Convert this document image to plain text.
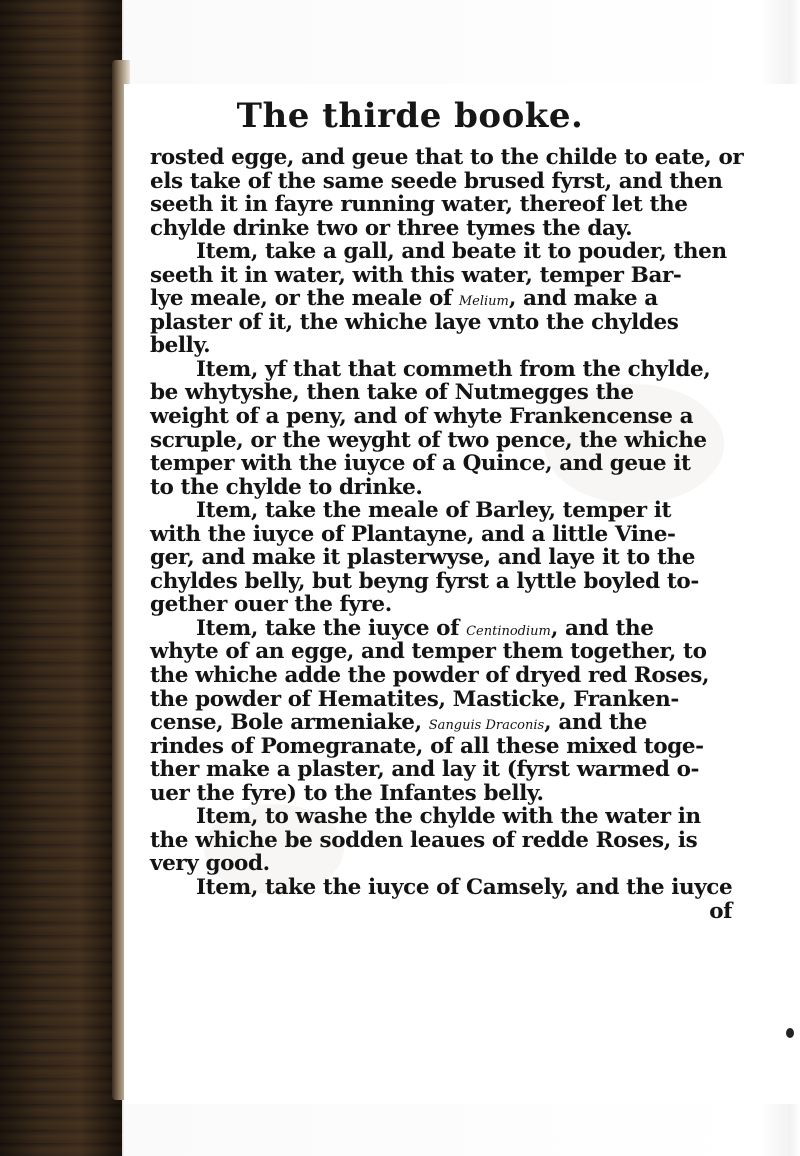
The thirde booke.
rosted egge, and geue that to the childe to eate, or
els take of the same seede brused fyrst, and then
seeth it in fayre running water, thereof let the
chylde drinke two or three tymes the day.
Item, take a gall, and beate it to pouder, then
seeth it in water, with this water, temper Bar-
lye meale, or the meale of Melium, and make a
plaster of it, the whiche laye vnto the chyldes
belly.
Item, yf that that commeth from the chylde,
be whytyshe, then take of Nutmegges the
weight of a peny, and of whyte Frankencense a
scruple, or the weyght of two pence, the whiche
temper with the iuyce of a Quince, and geue it
to the chylde to drinke.
Item, take the meale of Barley, temper it
with the iuyce of Plantayne, and a little Vine-
ger, and make it plasterwyse, and laye it to the
chyldes belly, but beyng fyrst a lyttle boyled to-
gether ouer the fyre.
Item, take the iuyce of Centinodium, and the
whyte of an egge, and temper them together, to
the whiche adde the powder of dryed red Roses,
the powder of Hematites, Masticke, Franken-
cense, Bole armeniake, Sanguis Draconis, and the
rindes of Pomegranate, of all these mixed toge-
ther make a plaster, and lay it (fyrst warmed o-
uer the fyre) to the Infantes belly.
Item, to washe the chylde with the water in
the whiche be sodden leaues of redde Roses, is
very good.
Item, take the iuyce of Camsely, and the iuyce
of
